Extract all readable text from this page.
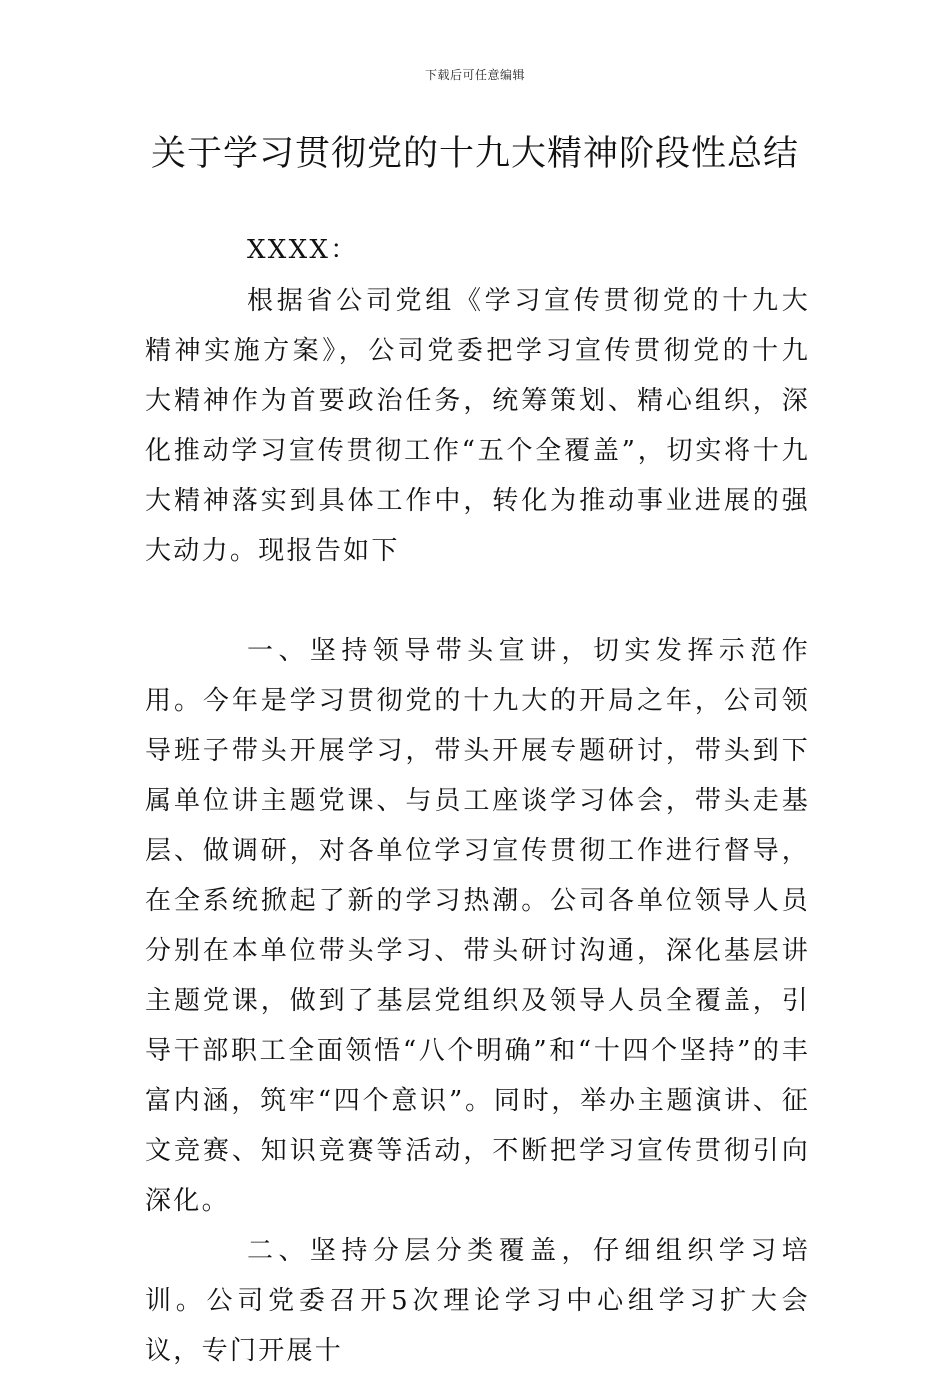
下载后可任意编辑
关于学习贯彻党的十九大精神阶段性总结
XXXX：

根据省公司党组《学习宣传贯彻党的十九大精神实施方案》，公司党委把学习宣传贯彻党的十九大精神作为首要政治任务，统筹策划、精心组织，深化推动学习宣传贯彻工作“五个全覆盖”，切实将十九大精神落实到具体工作中，转化为推动事业进展的强大动力。现报告如下

一、坚持领导带头宣讲，切实发挥示范作用。今年是学习贯彻党的十九大的开局之年，公司领导班子带头开展学习，带头开展专题研讨，带头到下属单位讲主题党课、与员工座谈学习体会，带头走基层、做调研，对各单位学习宣传贯彻工作进行督导，在全系统掀起了新的学习热潮。公司各单位领导人员分别在本单位带头学习、带头研讨沟通，深化基层讲主题党课，做到了基层党组织及领导人员全覆盖，引导干部职工全面领悟“八个明确”和“十四个坚持”的丰富内涵，筑牢“四个意识”。同时，举办主题演讲、征文竞赛、知识竞赛等活动，不断把学习宣传贯彻引向深化。

二、坚持分层分类覆盖，仔细组织学习培训。公司党委召开5次理论学习中心组学习扩大会议，专门开展十
